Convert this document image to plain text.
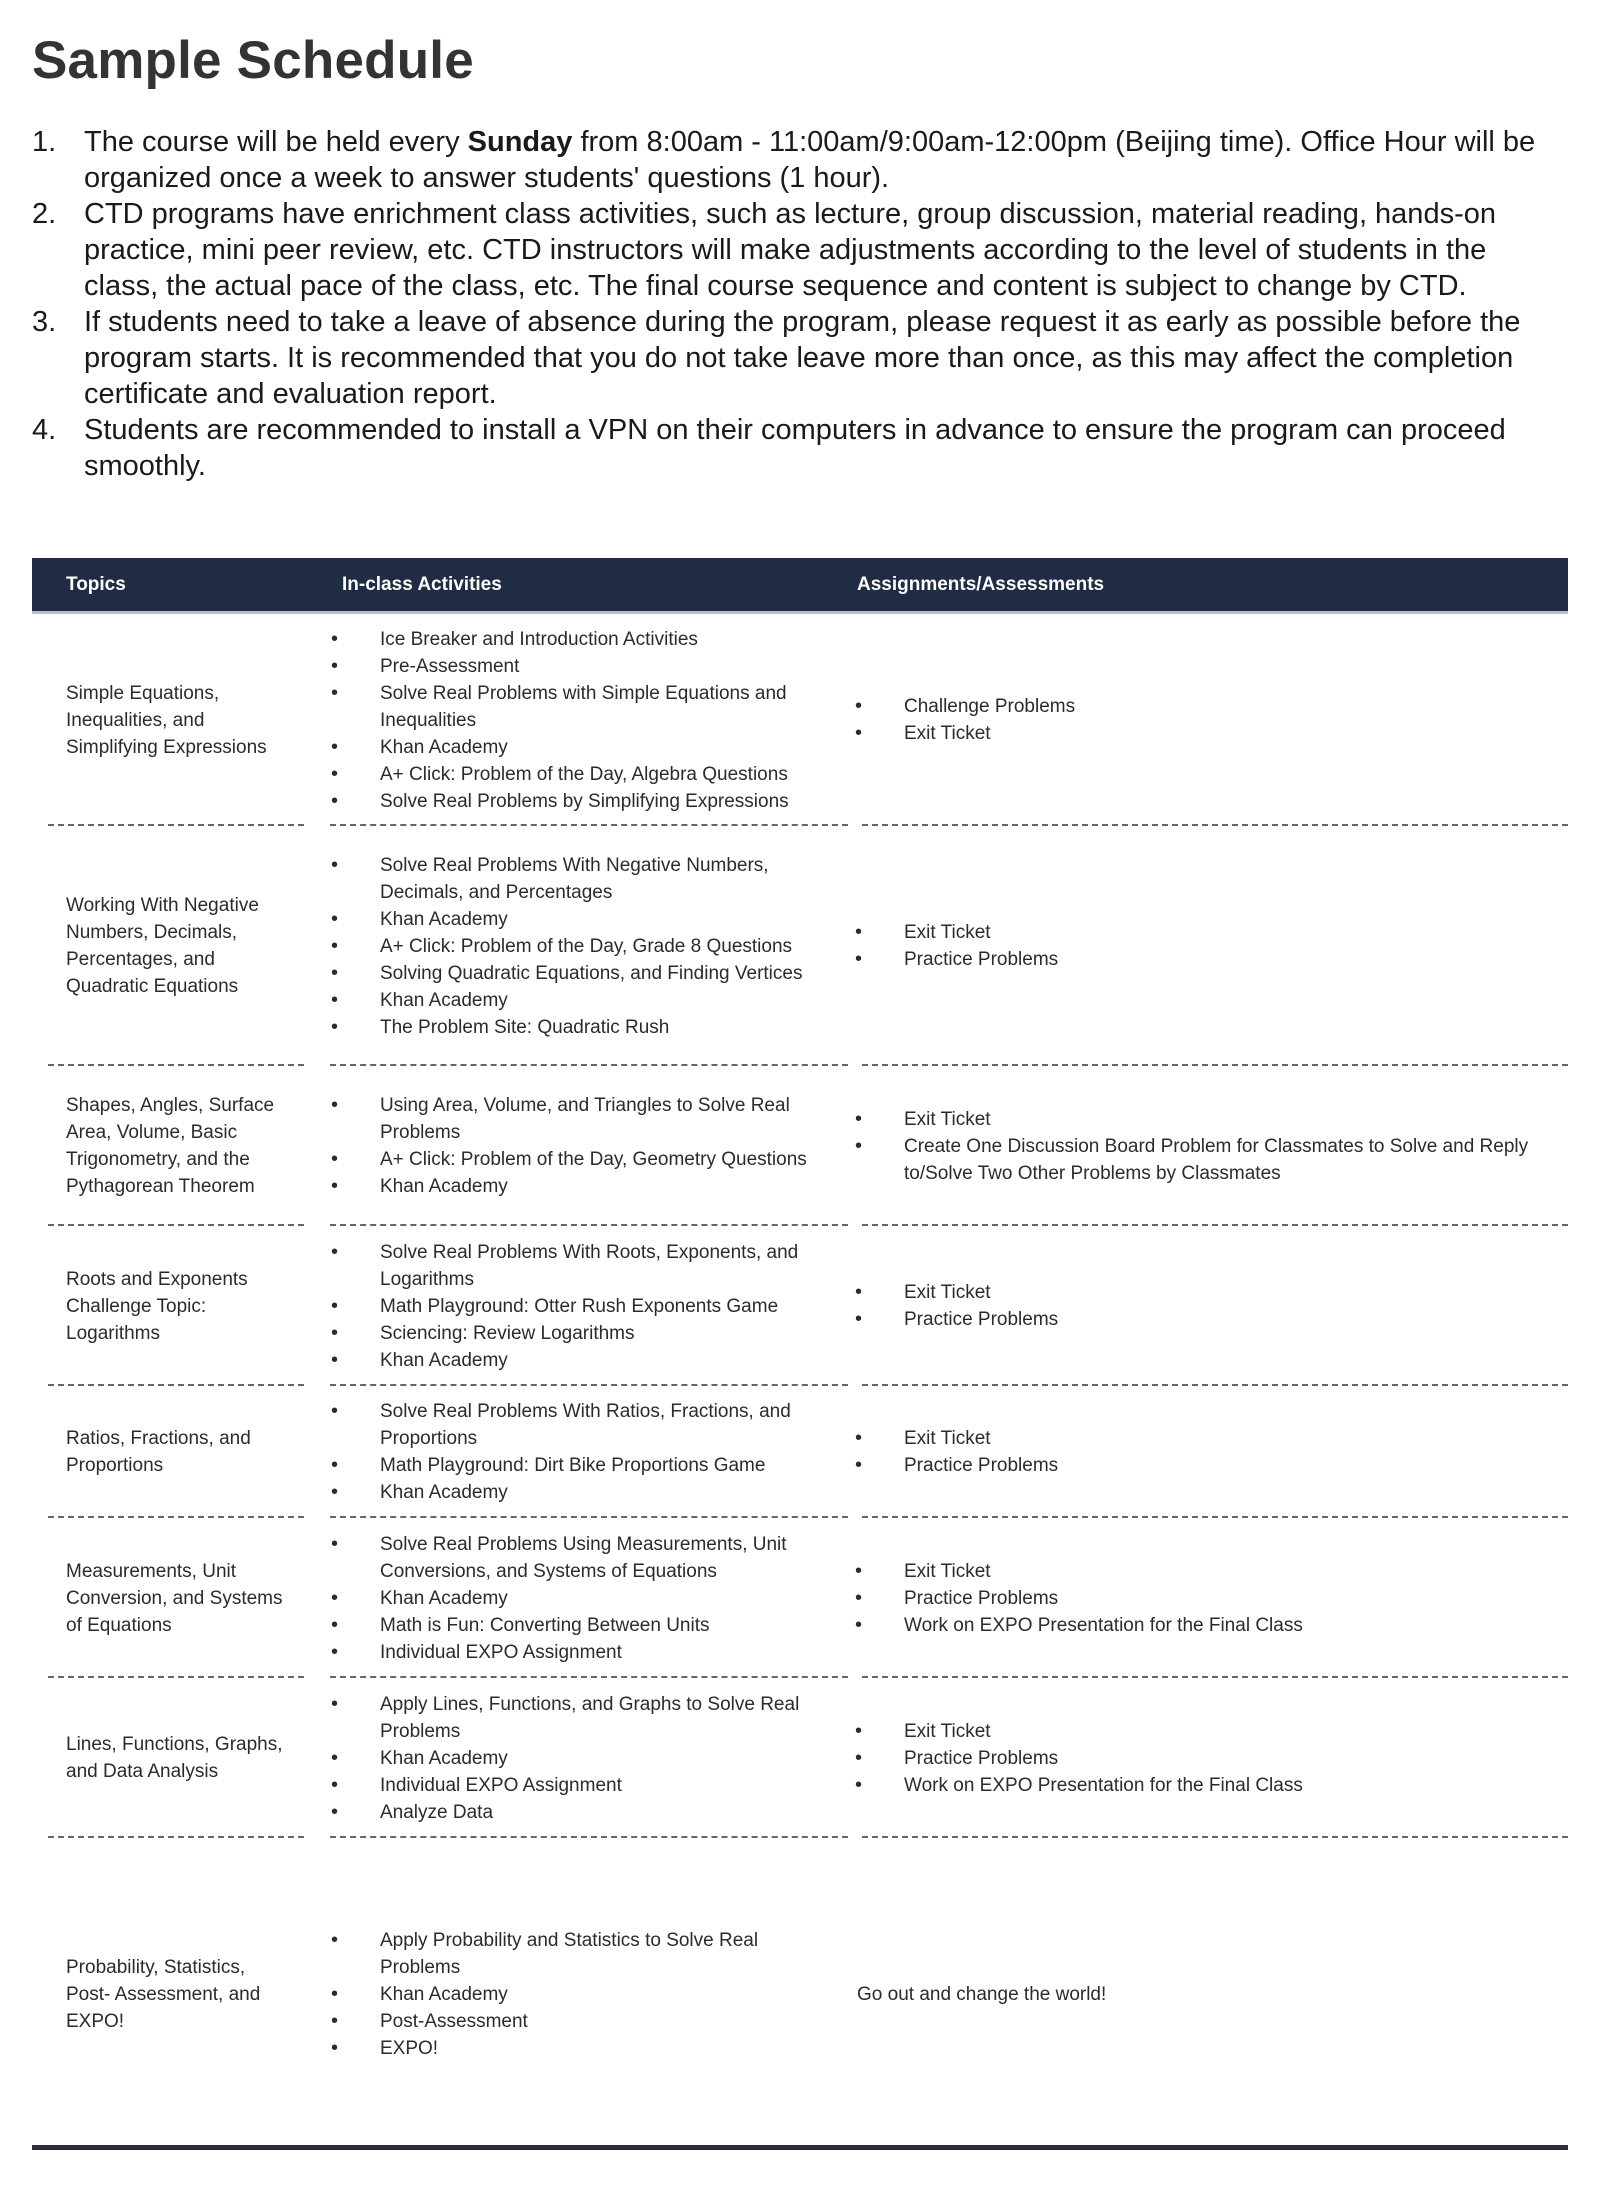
Sample Schedule
1. The course will be held every Sunday from 8:00am - 11:00am/9:00am-12:00pm (Beijing time). Office Hour will be organized once a week to answer students' questions (1 hour).
2. CTD programs have enrichment class activities, such as lecture, group discussion, material reading, hands-on practice, mini peer review, etc. CTD instructors will make adjustments according to the level of students in the class, the actual pace of the class, etc. The final course sequence and content is subject to change by CTD.
3. If students need to take a leave of absence during the program, please request it as early as possible before the program starts. It is recommended that you do not take leave more than once, as this may affect the completion certificate and evaluation report.
4. Students are recommended to install a VPN on their computers in advance to ensure the program can proceed smoothly.
Topics	In-class Activities	Assignments/Assessments
Simple Equations, Inequalities, and Simplifying Expressions
• Ice Breaker and Introduction Activities
• Pre-Assessment
• Solve Real Problems with Simple Equations and Inequalities
• Khan Academy
• A+ Click: Problem of the Day, Algebra Questions
• Solve Real Problems by Simplifying Expressions
• Challenge Problems
• Exit Ticket
Working With Negative Numbers, Decimals, Percentages, and Quadratic Equations
• Solve Real Problems With Negative Numbers, Decimals, and Percentages
• Khan Academy
• A+ Click: Problem of the Day, Grade 8 Questions
• Solving Quadratic Equations, and Finding Vertices
• Khan Academy
• The Problem Site: Quadratic Rush
• Exit Ticket
• Practice Problems
Shapes, Angles, Surface Area, Volume, Basic Trigonometry, and the Pythagorean Theorem
• Using Area, Volume, and Triangles to Solve Real Problems
• A+ Click: Problem of the Day, Geometry Questions
• Khan Academy
• Exit Ticket
• Create One Discussion Board Problem for Classmates to Solve and Reply to/Solve Two Other Problems by Classmates
Roots and Exponents Challenge Topic: Logarithms
• Solve Real Problems With Roots, Exponents, and Logarithms
• Math Playground: Otter Rush Exponents Game
• Sciencing: Review Logarithms
• Khan Academy
• Exit Ticket
• Practice Problems
Ratios, Fractions, and Proportions
• Solve Real Problems With Ratios, Fractions, and Proportions
• Math Playground: Dirt Bike Proportions Game
• Khan Academy
• Exit Ticket
• Practice Problems
Measurements, Unit Conversion, and Systems of Equations
• Solve Real Problems Using Measurements, Unit Conversions, and Systems of Equations
• Khan Academy
• Math is Fun: Converting Between Units
• Individual EXPO Assignment
• Exit Ticket
• Practice Problems
• Work on EXPO Presentation for the Final Class
Lines, Functions, Graphs, and Data Analysis
• Apply Lines, Functions, and Graphs to Solve Real Problems
• Khan Academy
• Individual EXPO Assignment
• Analyze Data
• Exit Ticket
• Practice Problems
• Work on EXPO Presentation for the Final Class
Probability, Statistics, Post- Assessment, and EXPO!
• Apply Probability and Statistics to Solve Real Problems
• Khan Academy
• Post-Assessment
• EXPO!
Go out and change the world!
